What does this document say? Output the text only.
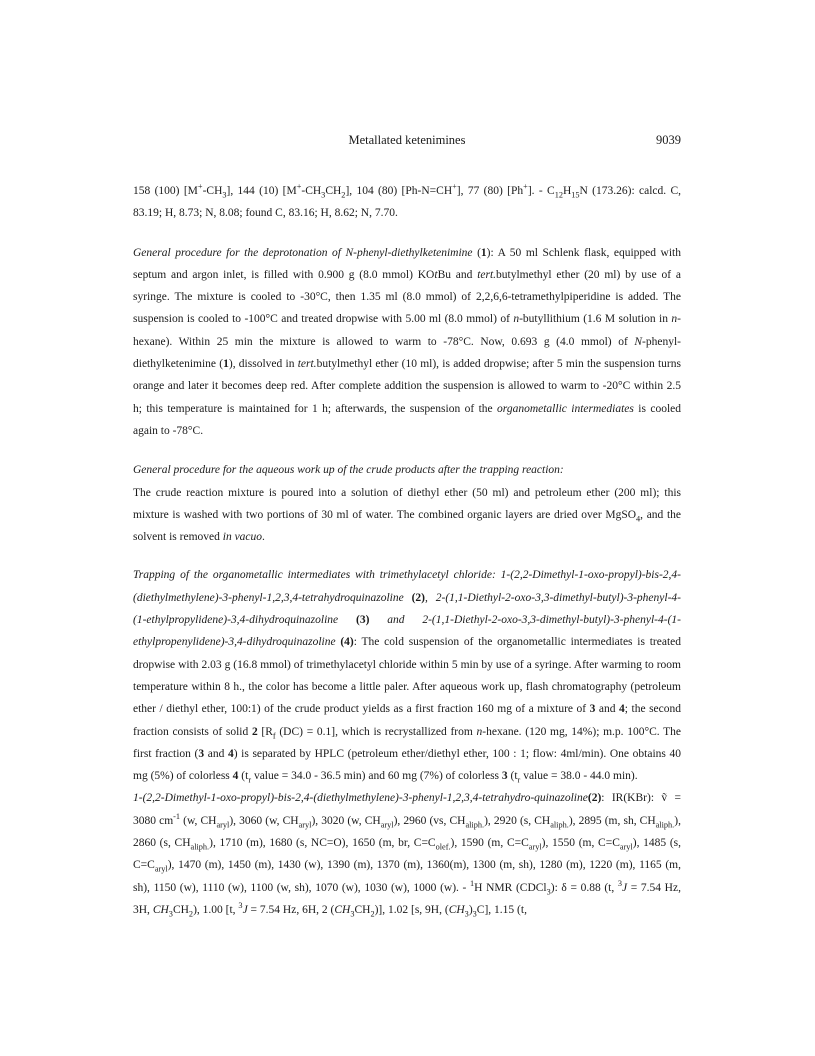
Metallated ketenimines	9039

158 (100) $[M^+-CH_3]$, 144 (10) $[M^+-CH_3CH_2]$, 104 (80) [Ph-N=CH+], 77 (80) [Ph+]. - $C_{12}H_{15}N$ (173.26): calcd. C, 83.19; H, 8.73; N, 8.08; found C, 83.16; H, 8.62; N, 7.70.

General procedure for the deprotonation of N-phenyl-diethylketenimine (1): A 50 ml Schlenk flask, equipped with septum and argon inlet, is filled with 0.900 g (8.0 mmol) KOtBu and tert.butylmethyl ether (20 ml) by use of a syringe. The mixture is cooled to -30°C, then 1.35 ml (8.0 mmol) of 2,2,6,6-tetramethylpiperidine is added. The suspension is cooled to -100°C and treated dropwise with 5.00 ml (8.0 mmol) of n-butyllithium (1.6 M solution in n-hexane). Within 25 min the mixture is allowed to warm to -78°C. Now, 0.693 g (4.0 mmol) of N-phenyl-diethylketenimine (1), dissolved in tert.butylmethyl ether (10 ml), is added dropwise; after 5 min the suspension turns orange and later it becomes deep red. After complete addition the suspension is allowed to warm to -20°C within 2.5 h; this temperature is maintained for 1 h; afterwards, the suspension of the organometallic intermediates is cooled again to -78°C.

General procedure for the aqueous work up of the crude products after the trapping reaction:

The crude reaction mixture is poured into a solution of diethyl ether (50 ml) and petroleum ether (200 ml); this mixture is washed with two portions of 30 ml of water. The combined organic layers are dried over MgSO$_4$, and the solvent is removed in vacuo.

Trapping of the organometallic intermediates with trimethylacetyl chloride: 1-(2,2-Dimethyl-1-oxo-propyl)-bis-2,4-(diethylmethylene)-3-phenyl-1,2,3,4-tetrahydroquinazoline (2), 2-(1,1-Diethyl-2-oxo-3,3-dimethyl-butyl)-3-phenyl-4-(1-ethylpropylidene)-3,4-dihydroquinazoline (3) and 2-(1,1-Diethyl-2-oxo-3,3-dimethyl-butyl)-3-phenyl-4-(1-ethylpropenylidene)-3,4-dihydroquinazoline (4): The cold suspension of the organometallic intermediates is treated dropwise with 2.03 g (16.8 mmol) of trimethylacetyl chloride within 5 min by use of a syringe. After warming to room temperature within 8 h., the color has become a little paler. After aqueous work up, flash chromatography (petroleum ether / diethyl ether, 100:1) of the crude product yields as a first fraction 160 mg of a mixture of 3 and 4; the second fraction consists of solid 2 [$R_f$ (DC) = 0.1], which is recrystallized from n-hexane. (120 mg, 14%); m.p. 100°C. The first fraction (3 and 4) is separated by HPLC (petroleum ether/diethyl ether, 100 : 1; flow: 4ml/min). One obtains 40 mg (5%) of colorless 4 ($t_r$ value = 34.0 - 36.5 min) and 60 mg (7%) of colorless 3 ($t_r$ value = 38.0 - 44.0 min).

1-(2,2-Dimethyl-1-oxo-propyl)-bis-2,4-(diethylmethylene)-3-phenyl-1,2,3,4-tetrahydro-quinazoline(2): IR(KBr): ṽ = 3080 $cm^{-1}$ (w, $CH_{aryl}$), 3060 (w, $CH_{aryl}$), 3020 (w, $CH_{aryl}$), 2960 (vs, $CH_{aliph.}$), 2920 (s, $CH_{aliph.}$), 2895 (m, sh, $CH_{aliph.}$), 2860 (s, $CH_{aliph.}$), 1710 (m), 1680 (s, NC=O), 1650 (m, br, $C=C_{olef.}$), 1590 (m, $C=C_{aryl}$), 1550 (m, $C=C_{aryl}$), 1485 (s, $C=C_{aryl}$), 1470 (m), 1450 (m), 1430 (w), 1390 (m), 1370 (m), 1360(m), 1300 (m, sh), 1280 (m), 1220 (m), 1165 (m, sh), 1150 (w), 1110 (w), 1100 (w, sh), 1070 (w), 1030 (w), 1000 (w). - $^1$H NMR (CDCl$_3$): δ = 0.88 (t, $^3$J = 7.54 Hz, 3H, $CH_3CH_2$), 1.00 [t, $^3$J = 7.54 Hz, 6H, 2 $(CH_3CH_2)$], 1.02 [s, 9H, $(CH_3)_3C$], 1.15 (t,
